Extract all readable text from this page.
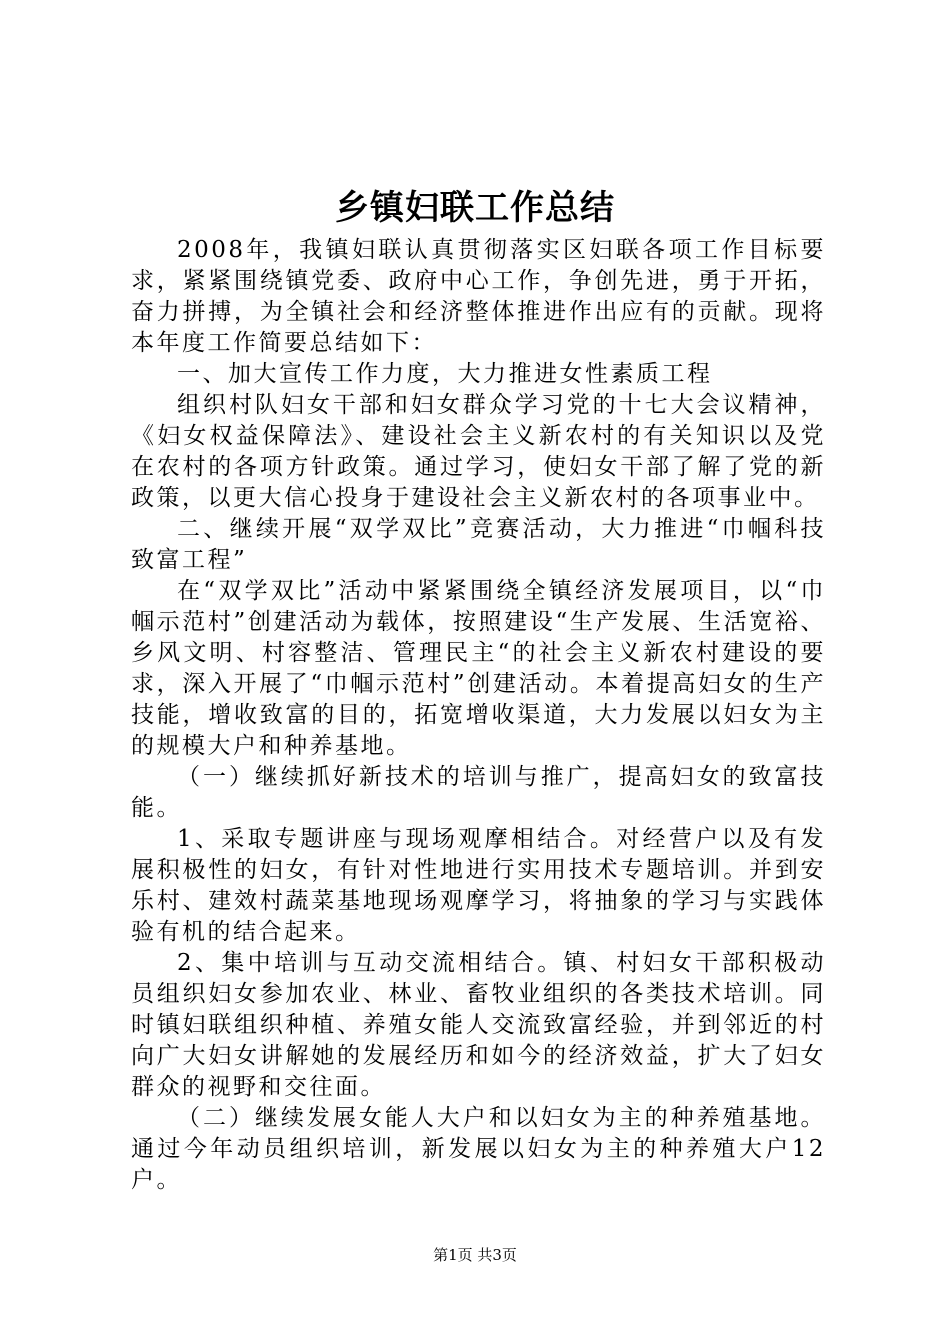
乡镇妇联工作总结

2008年，我镇妇联认真贯彻落实区妇联各项工作目标要求，紧紧围绕镇党委、政府中心工作，争创先进，勇于开拓，奋力拼搏，为全镇社会和经济整体推进作出应有的贡献。现将本年度工作简要总结如下：

一、加大宣传工作力度，大力推进女性素质工程

组织村队妇女干部和妇女群众学习党的十七大会议精神，《妇女权益保障法》、建设社会主义新农村的有关知识以及党在农村的各项方针政策。通过学习，使妇女干部了解了党的新政策，以更大信心投身于建设社会主义新农村的各项事业中。

二、继续开展“双学双比”竞赛活动，大力推进“巾帼科技致富工程”

在“双学双比”活动中紧紧围绕全镇经济发展项目，以“巾帼示范村”创建活动为载体，按照建设“生产发展、生活宽裕、乡风文明、村容整洁、管理民主“的社会主义新农村建设的要求，深入开展了“巾帼示范村”创建活动。本着提高妇女的生产技能，增收致富的目的，拓宽增收渠道，大力发展以妇女为主的规模大户和种养基地。

（一）继续抓好新技术的培训与推广，提高妇女的致富技能。

1、采取专题讲座与现场观摩相结合。对经营户以及有发展积极性的妇女，有针对性地进行实用技术专题培训。并到安乐村、建效村蔬菜基地现场观摩学习，将抽象的学习与实践体验有机的结合起来。

2、集中培训与互动交流相结合。镇、村妇女干部积极动员组织妇女参加农业、林业、畜牧业组织的各类技术培训。同时镇妇联组织种植、养殖女能人交流致富经验，并到邻近的村向广大妇女讲解她的发展经历和如今的经济效益，扩大了妇女群众的视野和交往面。

（二）继续发展女能人大户和以妇女为主的种养殖基地。通过今年动员组织培训，新发展以妇女为主的种养殖大户12户。

第1页 共3页
